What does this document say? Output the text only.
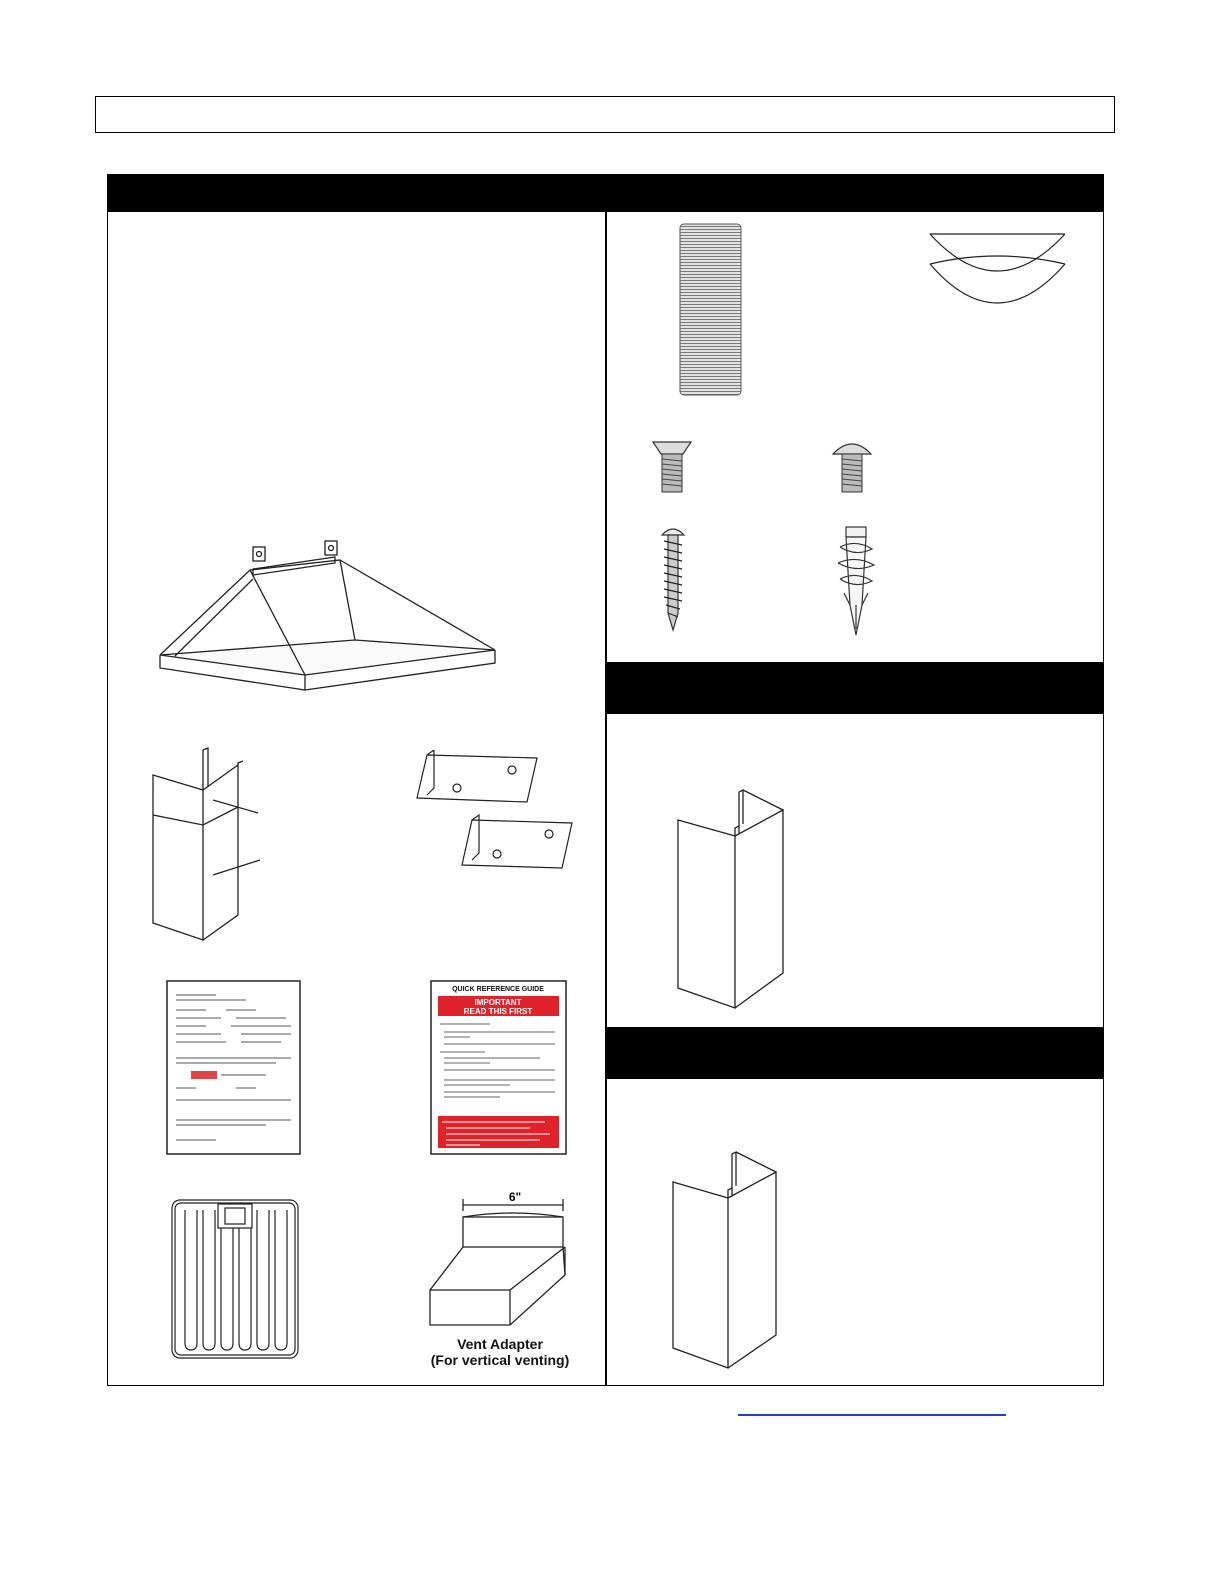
QUICK REFERENCE GUIDE
IMPORTANT
READ THIS FIRST
6"
Vent Adapter
(For vertical venting)
